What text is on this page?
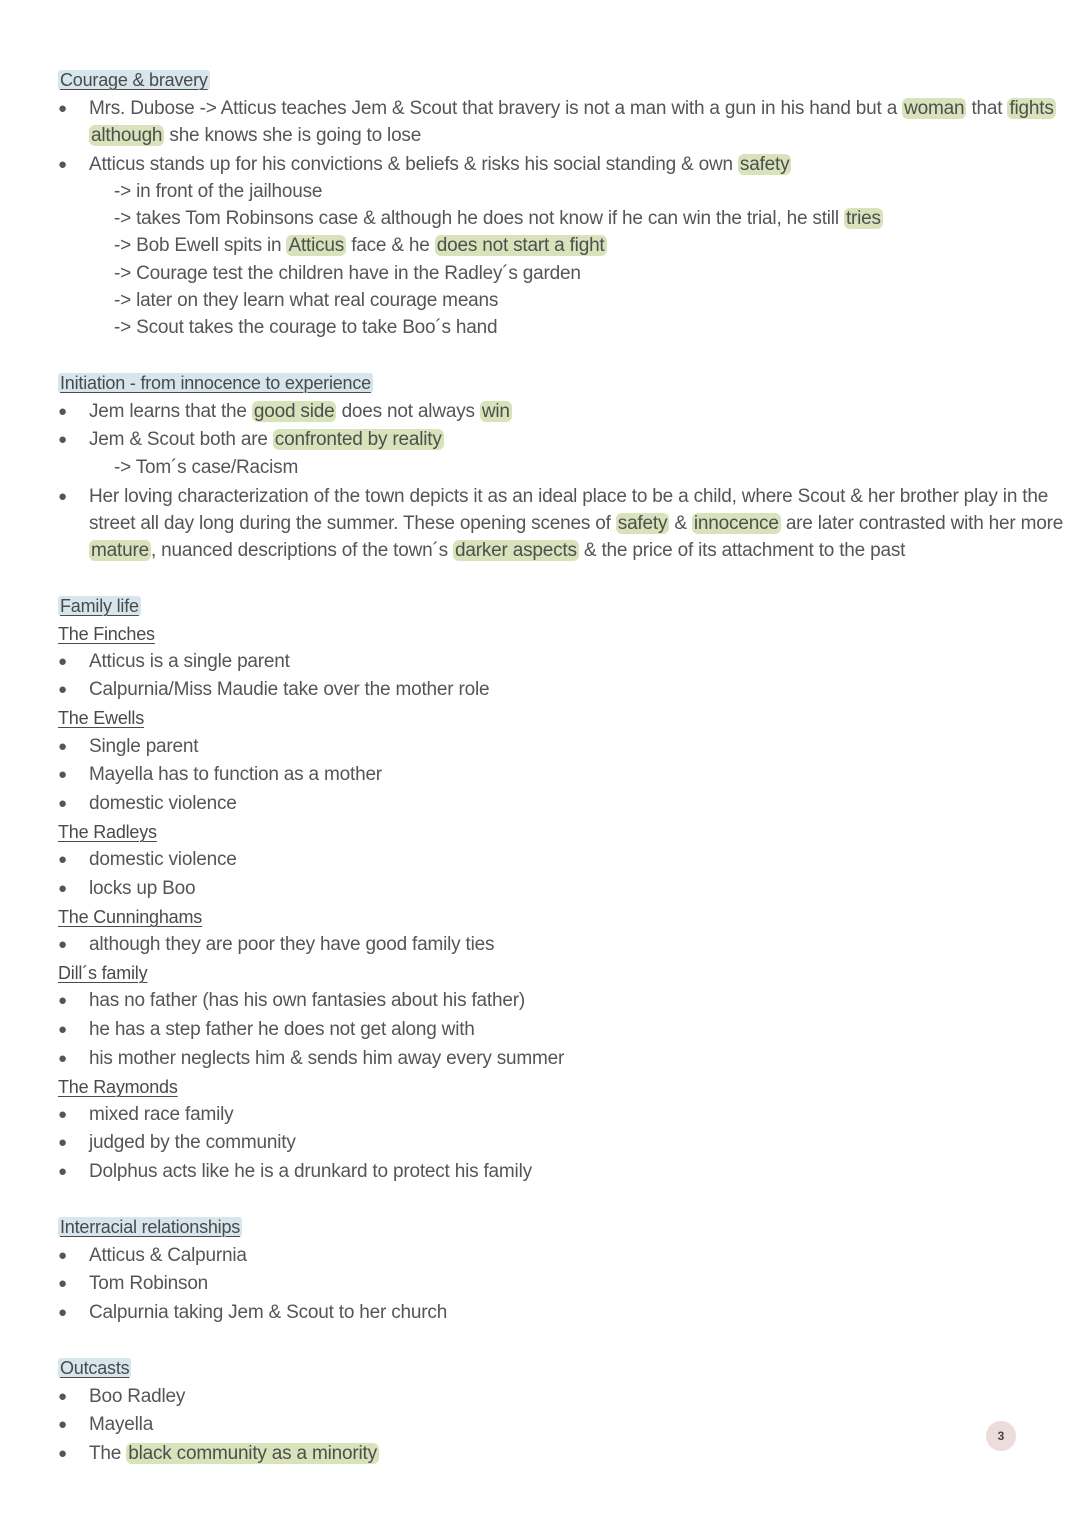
Courage & bravery
● Mrs. Dubose -> Atticus teaches Jem & Scout that bravery is not a man with a gun in his hand but a woman that fights
although she knows she is going to lose
● Atticus stands up for his convictions & beliefs & risks his social standing & own safety
-> in front of the jailhouse
-> takes Tom Robinsons case & although he does not know if he can win the trial, he still tries
-> Bob Ewell spits in Atticus face & he does not start a fight
-> Courage test the children have in the Radley´s garden
-> later on they learn what real courage means
-> Scout takes the courage to take Boo´s hand
Initiation - from innocence to experience
● Jem learns that the good side does not always win
● Jem & Scout both are confronted by reality
-> Tom´s case/Racism
● Her loving characterization of the town depicts it as an ideal place to be a child, where Scout & her brother play in the
street all day long during the summer. These opening scenes of safety & innocence are later contrasted with her more
mature , nuanced descriptions of the town´s darker aspects & the price of its attachment to the past
Family life
The Finches
● Atticus is a single parent
● Calpurnia/Miss Maudie take over the mother role
The Ewells
● Single parent
● Mayella has to function as a mother
● domestic violence
The Radleys
● domestic violence
● locks up Boo
The Cunninghams
● although they are poor they have good family ties
Dill´s family
● has no father (has his own fantasies about his father)
● he has a step father he does not get along with
● his mother neglects him & sends him away every summer
The Raymonds
● mixed race family
● judged by the community
● Dolphus acts like he is a drunkard to protect his family
Interracial relationships
● Atticus & Calpurnia
● Tom Robinson
● Calpurnia taking Jem & Scout to her church
Outcasts
● Boo Radley
● Mayella
● The black community as a minority
3
